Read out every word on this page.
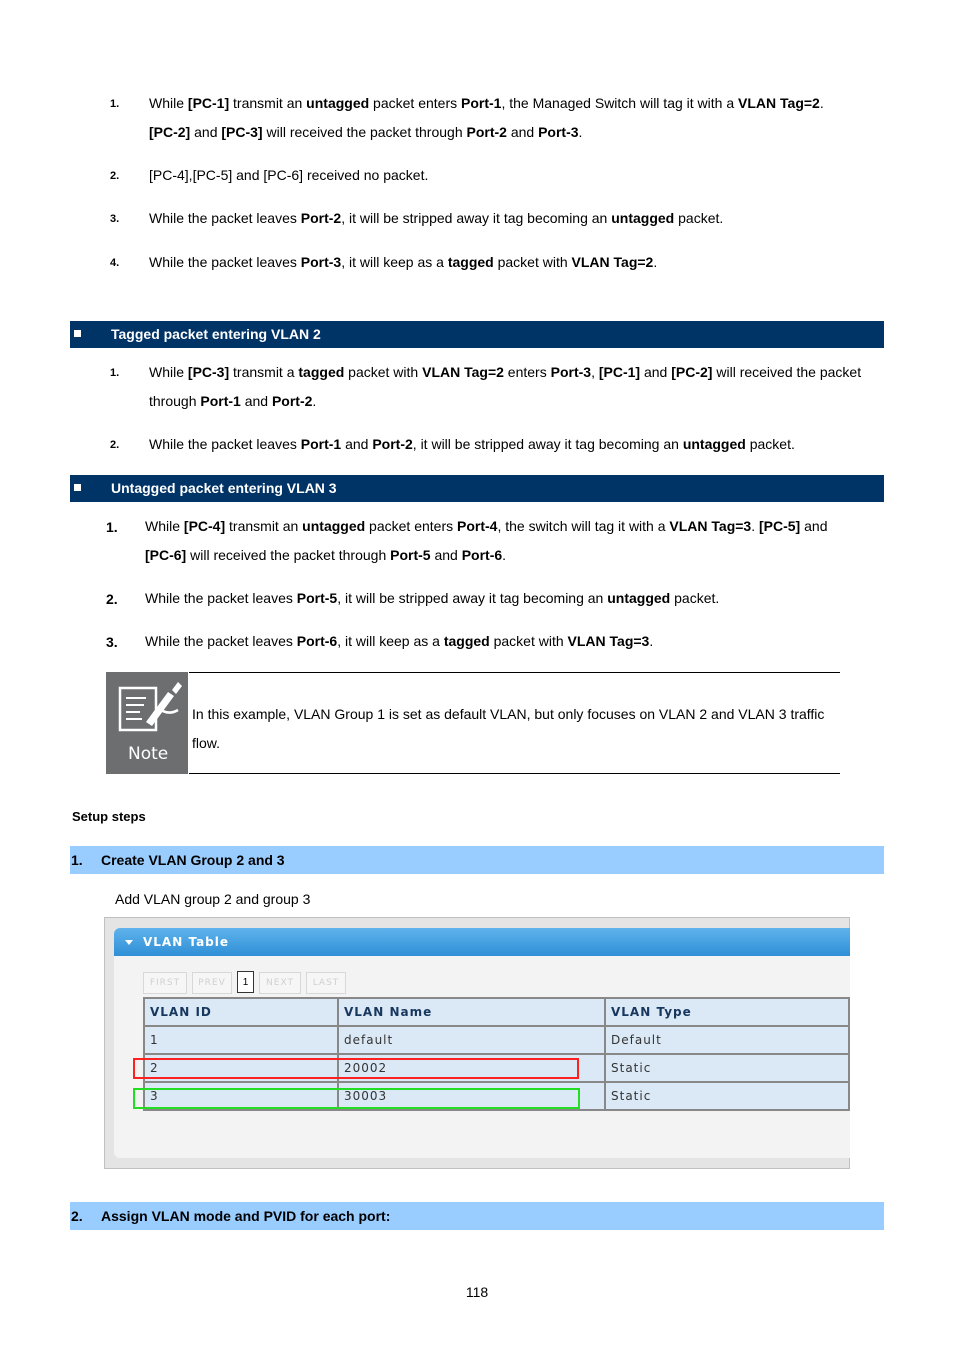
1. While [PC-1] transmit an untagged packet enters Port-1, the Managed Switch will tag it with a VLAN Tag=2.
[PC-2] and [PC-3] will received the packet through Port-2 and Port-3.
2. [PC-4],[PC-5] and [PC-6] received no packet.
3. While the packet leaves Port-2, it will be stripped away it tag becoming an untagged packet.
4. While the packet leaves Port-3, it will keep as a tagged packet with VLAN Tag=2.
Tagged packet entering VLAN 2
1. While [PC-3] transmit a tagged packet with VLAN Tag=2 enters Port-3, [PC-1] and [PC-2] will received the packet
through Port-1 and Port-2.
2. While the packet leaves Port-1 and Port-2, it will be stripped away it tag becoming an untagged packet.
Untagged packet entering VLAN 3
1. While [PC-4] transmit an untagged packet enters Port-4, the switch will tag it with a VLAN Tag=3. [PC-5] and
[PC-6] will received the packet through Port-5 and Port-6.
2. While the packet leaves Port-5, it will be stripped away it tag becoming an untagged packet.
3. While the packet leaves Port-6, it will keep as a tagged packet with VLAN Tag=3.
Note
In this example, VLAN Group 1 is set as default VLAN, but only focuses on VLAN 2 and VLAN 3 traffic flow.
Setup steps
1. Create VLAN Group 2 and 3
Add VLAN group 2 and group 3
VLAN Table
FIRST	PREV	1	NEXT	LAST
VLAN ID	VLAN Name	VLAN Type
1	default	Default
2	20002	Static
3	30003	Static
2. Assign VLAN mode and PVID for each port:
118
